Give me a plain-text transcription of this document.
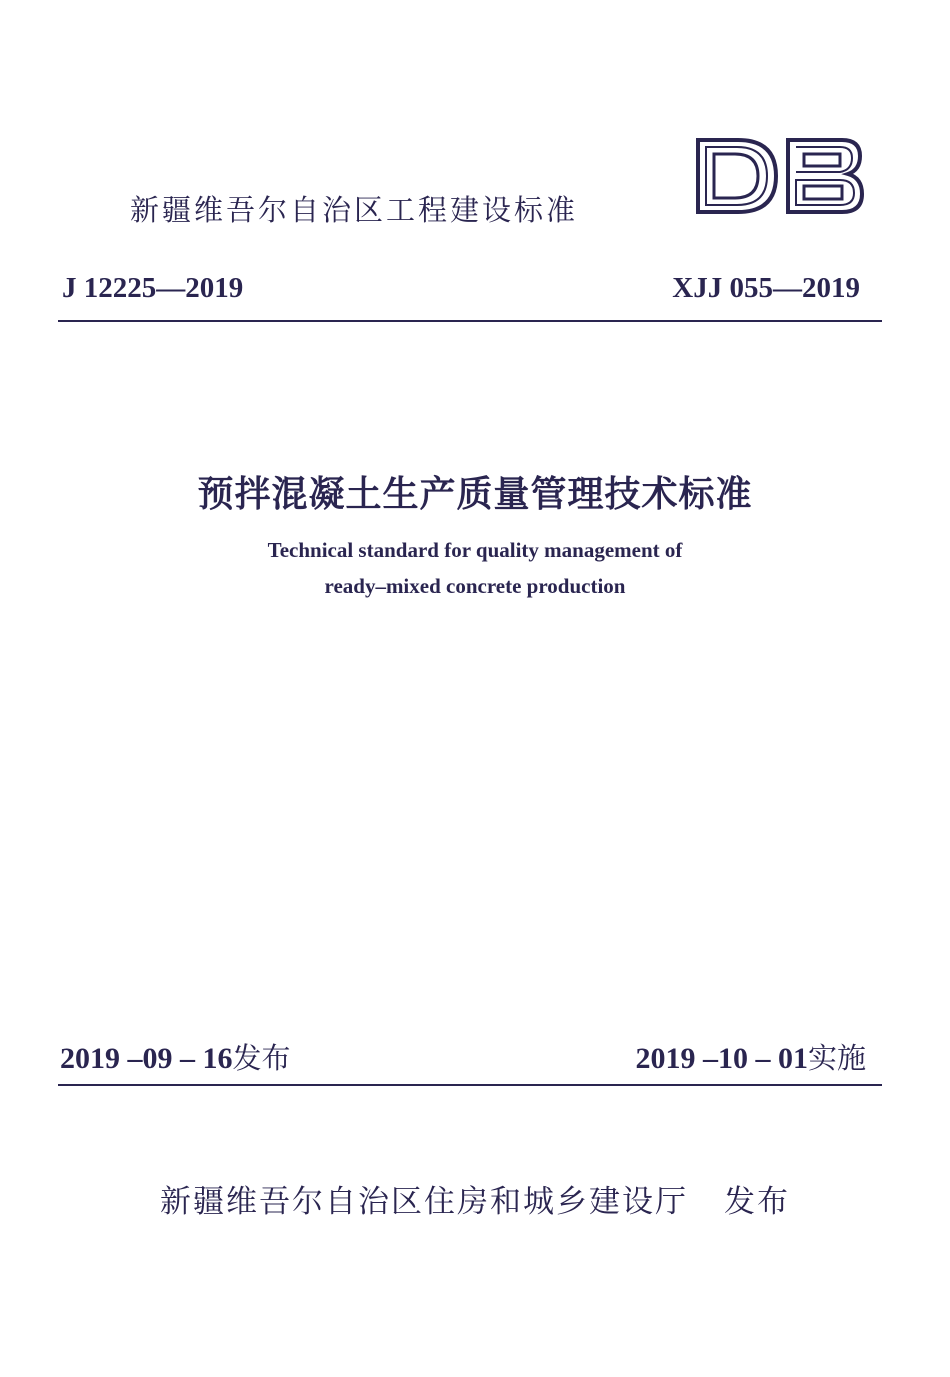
新疆维吾尔自治区工程建设标准
J 12225—2019	XJJ 055—2019
预拌混凝土生产质量管理技术标准
Technical standard for quality management of
ready–mixed concrete production
2019 –09 – 16发布	2019 –10 – 01实施
新疆维吾尔自治区住房和城乡建设厅 发布
